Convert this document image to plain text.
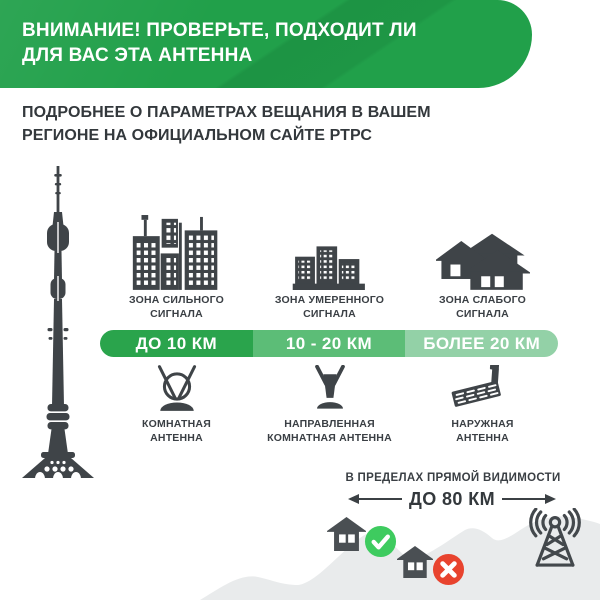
ВНИМАНИЕ! ПРОВЕРЬТЕ, ПОДХОДИТ ЛИ
ДЛЯ ВАС ЭТА АНТЕННА
ПОДРОБНЕЕ О ПАРАМЕТРАХ ВЕЩАНИЯ В ВАШЕМ
РЕГИОНЕ НА ОФИЦИАЛЬНОМ САЙТЕ РТРС
ЗОНА СИЛЬНОГО СИГНАЛА
ЗОНА УМЕРЕННОГО СИГНАЛА
ЗОНА СЛАБОГО СИГНАЛА
ДО 10 КМ	10 - 20 КМ	БОЛЕЕ 20 КМ
КОМНАТНАЯ АНТЕННА
НАПРАВЛЕННАЯ КОМНАТНАЯ АНТЕННА
НАРУЖНАЯ АНТЕННА
В ПРЕДЕЛАХ ПРЯМОЙ ВИДИМОСТИ
ДО 80 КМ
